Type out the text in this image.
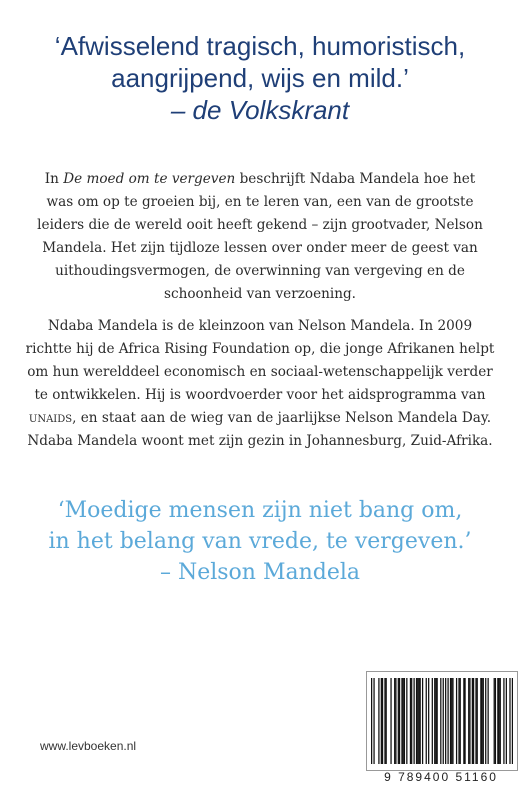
‘Afwisselend tragisch, humoristisch,
aangrijpend, wijs en mild.’
– de Volkskrant
In De moed om te vergeven beschrijft Ndaba Mandela hoe het
was om op te groeien bij, en te leren van, een van de grootste
leiders die de wereld ooit heeft gekend – zijn grootvader, Nelson
Mandela. Het zijn tijdloze lessen over onder meer de geest van
uithoudingsvermogen, de overwinning van vergeving en de
schoonheid van verzoening.
Ndaba Mandela is de kleinzoon van Nelson Mandela. In 2009
richtte hij de Africa Rising Foundation op, die jonge Afrikanen helpt
om hun werelddeel economisch en sociaal-wetenschappelijk verder
te ontwikkelen. Hij is woordvoerder voor het aidsprogramma van
unaids, en staat aan de wieg van de jaarlijkse Nelson Mandela Day.
Ndaba Mandela woont met zijn gezin in Johannesburg, Zuid-Afrika.
‘Moedige mensen zijn niet bang om,
in het belang van vrede, te vergeven.’
– Nelson Mandela
www.levboeken.nl
9 789400 51160
